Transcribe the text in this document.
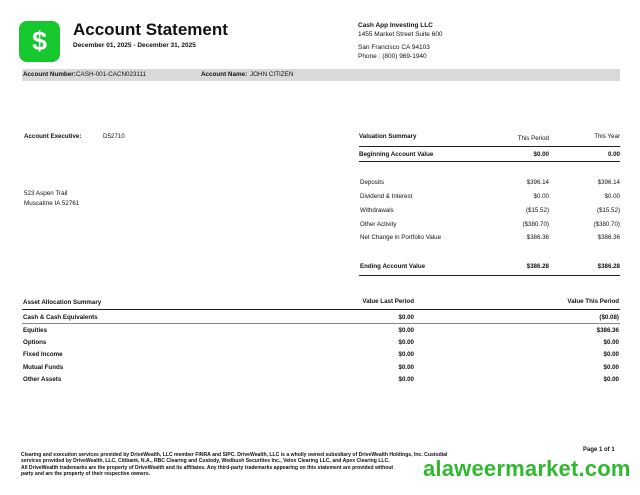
$ Account Statement
December 01, 2025 - December 31, 2025
Cash App Investing LLC
1455 Market Street Suite 600
San Francisco CA 94103
Phone : (800) 969-1940
Account Number: CASH-001-CACN023111	Account Name: JOHN CITIZEN
Account Executive:	D52710
523 Aspen Trail
Muscatine IA 52761
Valuation Summary	This Period	This Year
Beginning Account Value	$0.00	0.00
Deposits	$396.14	$396.14
Dividend & Interest	$0.00	$0.00
Withdrawals	($15.52)	($15.52)
Other Activity	($380.70)	($380.70)
Net Change in Portfolio Value	$386.36	$386.36
Ending Account Value	$386.28	$386.28
Asset Allocation Summary	Value Last Period	Value This Period
Cash & Cash Equivalents	$0.00	($0.08)
Equities	$0.00	$386.36
Options	$0.00	$0.00
Fixed Income	$0.00	$0.00
Mutual Funds	$0.00	$0.00
Other Assets	$0.00	$0.00
Page 1 of 1
Clearing and execution services provided by DriveWealth, LLC member FINRA and SIPC. DriveWealth, LLC is a wholly owned subsidiary of DriveWealth Holdings, Inc. Custodial
services provided by DriveWealth, LLC, Citibank, N.A., RBC Clearing and Custody, Wedbush Securities Inc., Velox Clearing LLC, and Apex Clearing LLC.
All DriveWealth trademarks are the property of DriveWealth and its affiliates. Any third-party trademarks appearing on this statement are provided without
party and are the property of their respective owners.	alaweermarket.com
